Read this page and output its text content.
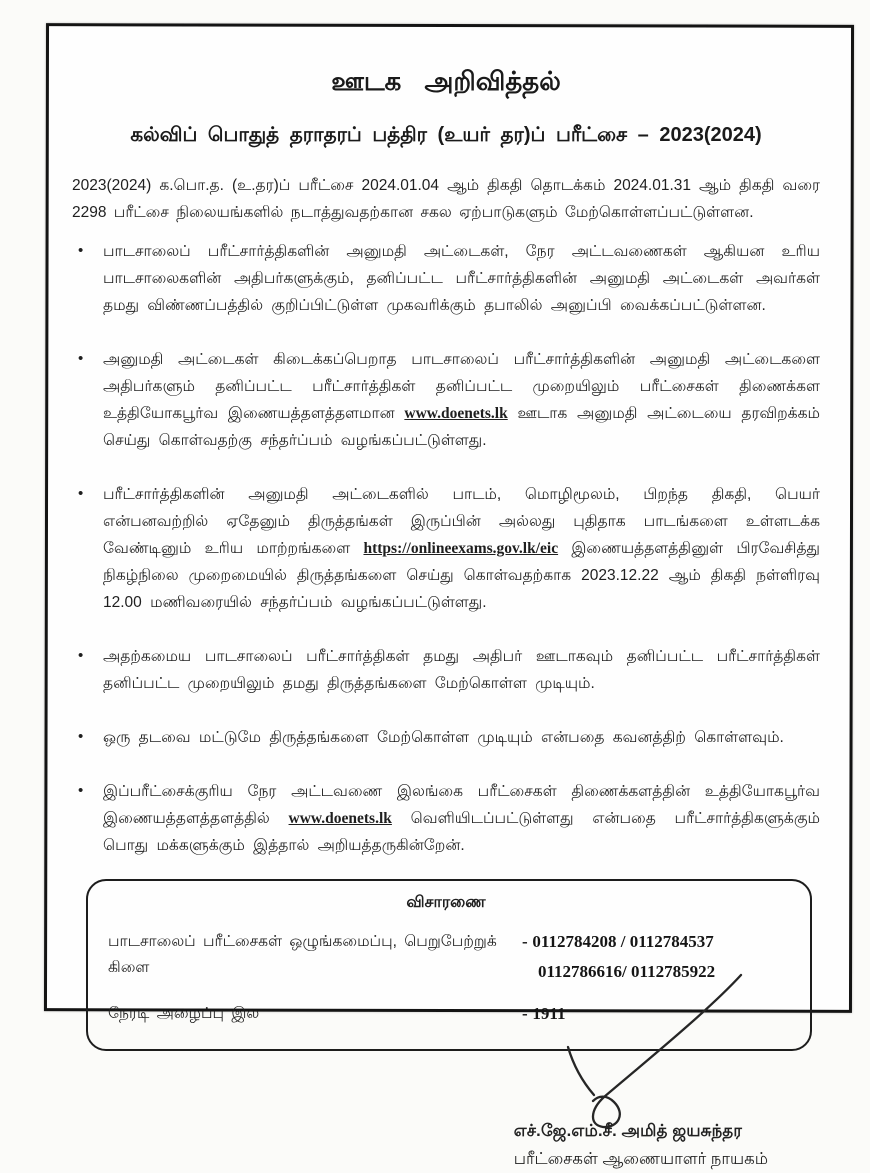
ஊடக அறிவித்தல்
கல்விப் பொதுத் தராதரப் பத்திர (உயர் தர)ப் பரீட்சை – 2023(2024)

2023(2024) க.பொ.த. (உ.தர)ப் பரீட்சை 2024.01.04 ஆம் திகதி தொடக்கம் 2024.01.31 ஆம் திகதி வரை 2298 பரீட்சை நிலையங்களில் நடாத்துவதற்கான சகல ஏற்பாடுகளும் மேற்கொள்ளப்பட்டுள்ளன.

• பாடசாலைப் பரீட்சார்த்திகளின் அனுமதி அட்டைகள், நேர அட்டவணைகள் ஆகியன உரிய பாடசாலைகளின் அதிபர்களுக்கும், தனிப்பட்ட பரீட்சார்த்திகளின் அனுமதி அட்டைகள் அவர்கள் தமது விண்ணப்பத்தில் குறிப்பிட்டுள்ள முகவரிக்கும் தபாலில் அனுப்பி வைக்கப்பட்டுள்ளன.
• அனுமதி அட்டைகள் கிடைக்கப்பெறாத பாடசாலைப் பரீட்சார்த்திகளின் அனுமதி அட்டைகளை அதிபர்களும் தனிப்பட்ட பரீட்சார்த்திகள் தனிப்பட்ட முறையிலும் பரீட்சைகள் திணைக்கள உத்தியோகபூர்வ இணையத்தளத்தளமான www.doenets.lk ஊடாக அனுமதி அட்டையை தரவிறக்கம் செய்து கொள்வதற்கு சந்தர்ப்பம் வழங்கப்பட்டுள்ளது.
• பரீட்சார்த்திகளின் அனுமதி அட்டைகளில் பாடம், மொழிமூலம், பிறந்த திகதி, பெயர் என்பனவற்றில் ஏதேனும் திருத்தங்கள் இருப்பின் அல்லது புதிதாக பாடங்களை உள்ளடக்க வேண்டினும் உரிய மாற்றங்களை https://onlineexams.gov.lk/eic இணையத்தளத்தினுள் பிரவேசித்து நிகழ்நிலை முறைமையில் திருத்தங்களை செய்து கொள்வதற்காக 2023.12.22 ஆம் திகதி நள்ளிரவு 12.00 மணிவரையில் சந்தர்ப்பம் வழங்கப்பட்டுள்ளது.
• அதற்கமைய பாடசாலைப் பரீட்சார்த்திகள் தமது அதிபர் ஊடாகவும் தனிப்பட்ட பரீட்சார்த்திகள் தனிப்பட்ட முறையிலும் தமது திருத்தங்களை மேற்கொள்ள முடியும்.
• ஒரு தடவை மட்டுமே திருத்தங்களை மேற்கொள்ள முடியும் என்பதை கவனத்திற் கொள்ளவும்.
• இப்பரீட்சைக்குரிய நேர அட்டவணை இலங்கை பரீட்சைகள் திணைக்களத்தின் உத்தியோகபூர்வ இணையத்தளத்தளத்தில் www.doenets.lk வெளியிடப்பட்டுள்ளது என்பதை பரீட்சார்த்திகளுக்கும் பொது மக்களுக்கும் இத்தால் அறியத்தருகின்றேன்.
விசாரணை
பாடசாலைப் பரீட்சைகள் ஒழுங்கமைப்பு, பெறுபேற்றுக் கிளை
- 0112784208 / 0112784537
0112786616/ 0112785922
நேரடி அழைப்பு இல	- 1911
எச்.ஜே.எம்.சீ. அமித் ஜயசுந்தர
பரீட்சைகள் ஆணையாளர் நாயகம்
